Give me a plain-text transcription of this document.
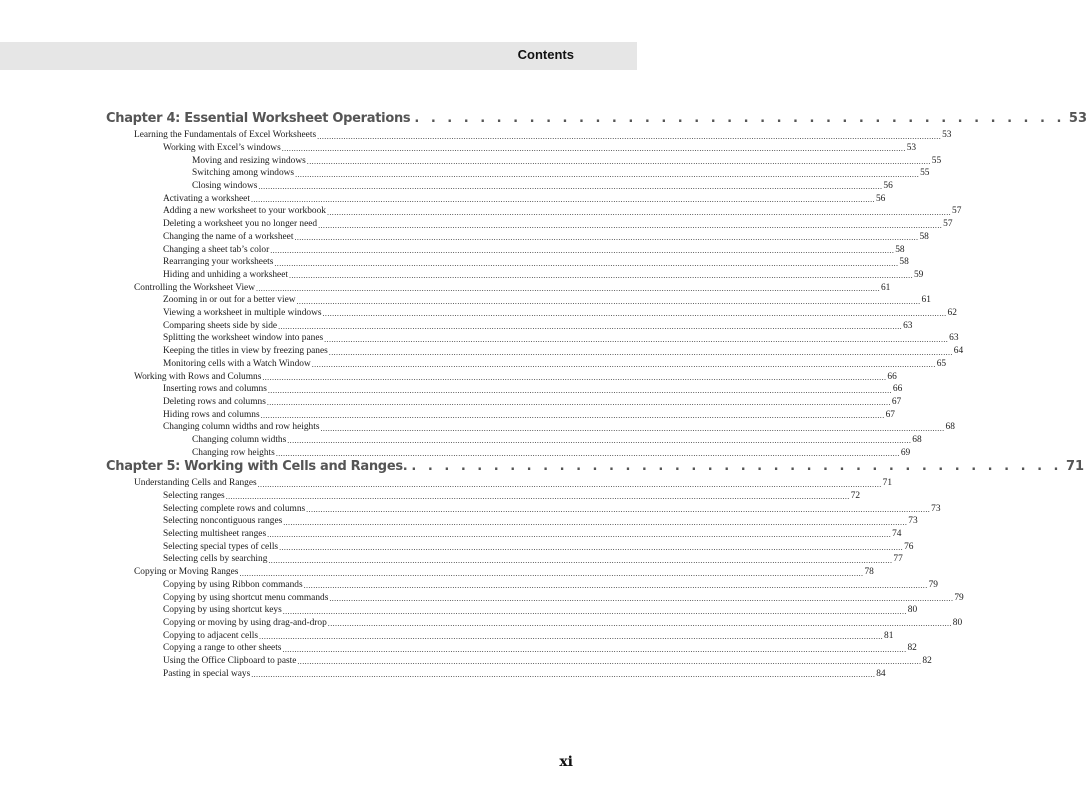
Contents
Chapter 4: Essential Worksheet Operations . . . . . . . . . . . . . . . . . . . . . . . . . . . . . . . . . . . . . . . . 53
Learning the Fundamentals of Excel Worksheets .................................................................................................................................................................................................................................................................... 53
Working with Excel’s windows .................................................................................................................................................................................................................................................................... 53
Moving and resizing windows .................................................................................................................................................................................................................................................................... 55
Switching among windows .................................................................................................................................................................................................................................................................... 55
Closing windows .................................................................................................................................................................................................................................................................... 56
Activating a worksheet .................................................................................................................................................................................................................................................................... 56
Adding a new worksheet to your workbook .................................................................................................................................................................................................................................................................... 57
Deleting a worksheet you no longer need .................................................................................................................................................................................................................................................................... 57
Changing the name of a worksheet .................................................................................................................................................................................................................................................................... 58
Changing a sheet tab’s color .................................................................................................................................................................................................................................................................... 58
Rearranging your worksheets .................................................................................................................................................................................................................................................................... 58
Hiding and unhiding a worksheet .................................................................................................................................................................................................................................................................... 59
Controlling the Worksheet View .................................................................................................................................................................................................................................................................... 61
Zooming in or out for a better view .................................................................................................................................................................................................................................................................... 61
Viewing a worksheet in multiple windows .................................................................................................................................................................................................................................................................... 62
Comparing sheets side by side .................................................................................................................................................................................................................................................................... 63
Splitting the worksheet window into panes .................................................................................................................................................................................................................................................................... 63
Keeping the titles in view by freezing panes .................................................................................................................................................................................................................................................................... 64
Monitoring cells with a Watch Window .................................................................................................................................................................................................................................................................... 65
Working with Rows and Columns .................................................................................................................................................................................................................................................................... 66
Inserting rows and columns .................................................................................................................................................................................................................................................................... 66
Deleting rows and columns .................................................................................................................................................................................................................................................................... 67
Hiding rows and columns .................................................................................................................................................................................................................................................................... 67
Changing column widths and row heights .................................................................................................................................................................................................................................................................... 68
Changing column widths .................................................................................................................................................................................................................................................................... 68
Changing row heights .................................................................................................................................................................................................................................................................... 69
Chapter 5: Working with Cells and Ranges. . . . . . . . . . . . . . . . . . . . . . . . . . . . . . . . . . . . . . . . . 71
Understanding Cells and Ranges .................................................................................................................................................................................................................................................................... 71
Selecting ranges .................................................................................................................................................................................................................................................................... 72
Selecting complete rows and columns .................................................................................................................................................................................................................................................................... 73
Selecting noncontiguous ranges .................................................................................................................................................................................................................................................................... 73
Selecting multisheet ranges .................................................................................................................................................................................................................................................................... 74
Selecting special types of cells .................................................................................................................................................................................................................................................................... 76
Selecting cells by searching .................................................................................................................................................................................................................................................................... 77
Copying or Moving Ranges .................................................................................................................................................................................................................................................................... 78
Copying by using Ribbon commands .................................................................................................................................................................................................................................................................... 79
Copying by using shortcut menu commands .................................................................................................................................................................................................................................................................... 79
Copying by using shortcut keys .................................................................................................................................................................................................................................................................... 80
Copying or moving by using drag-and-drop .................................................................................................................................................................................................................................................................... 80
Copying to adjacent cells .................................................................................................................................................................................................................................................................... 81
Copying a range to other sheets .................................................................................................................................................................................................................................................................... 82
Using the Office Clipboard to paste .................................................................................................................................................................................................................................................................... 82
Pasting in special ways .................................................................................................................................................................................................................................................................... 84
xi
